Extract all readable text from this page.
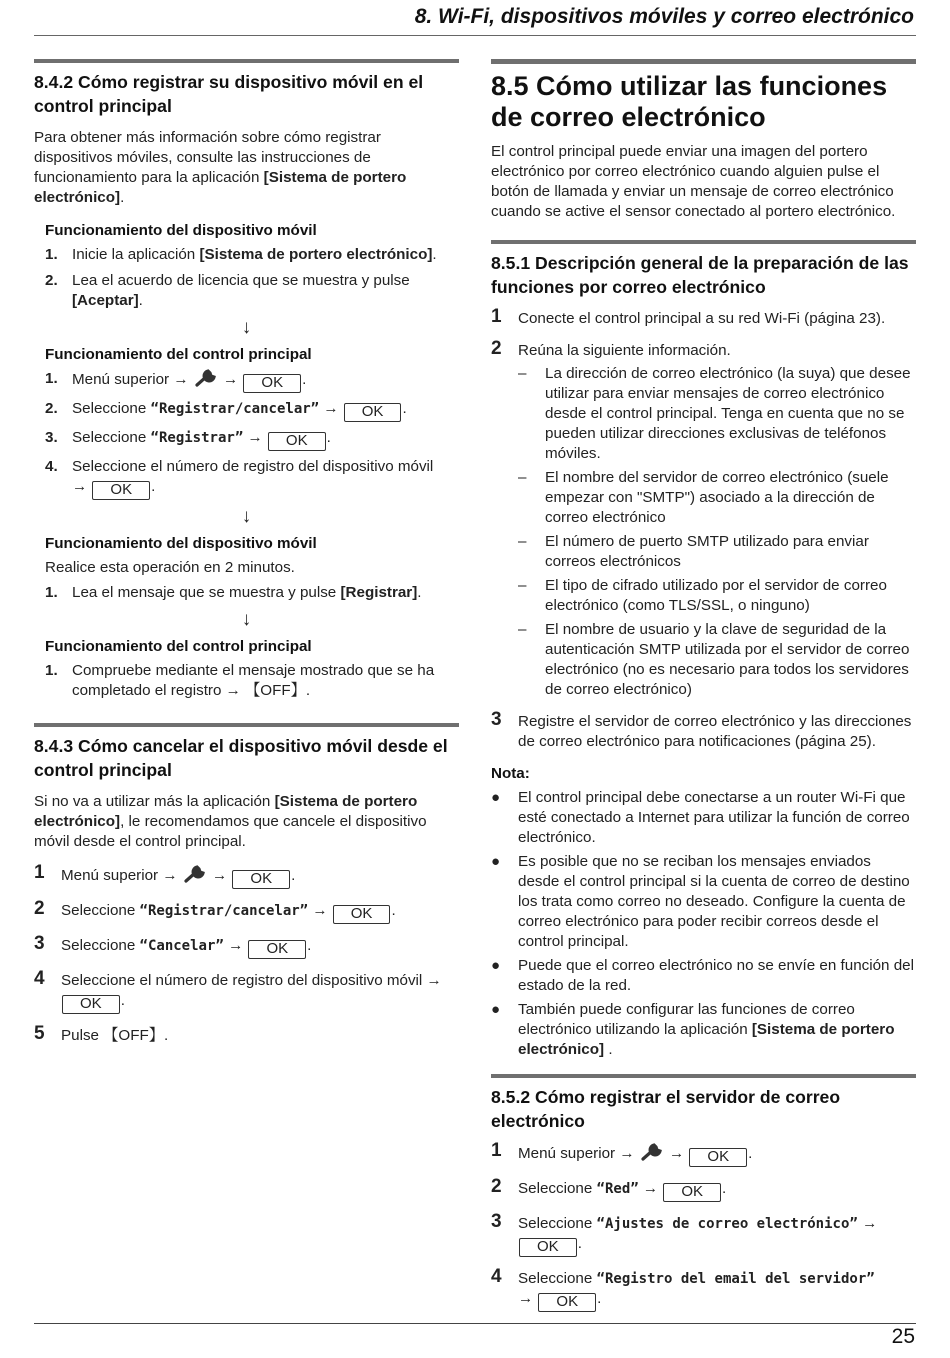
8. Wi-Fi, dispositivos móviles y correo electrónico
8.4.2 Cómo registrar su dispositivo móvil en el control principal

Para obtener más información sobre cómo registrar dispositivos móviles, consulte las instrucciones de funcionamiento para la aplicación [Sistema de portero electrónico].

Funcionamiento del dispositivo móvil
1. Inicie la aplicación [Sistema de portero electrónico].
2. Lea el acuerdo de licencia que se muestra y pulse [Aceptar].
↓
Funcionamiento del control principal
1. Menú superior → → OK .
2. Seleccione “Registrar/cancelar” → OK .
3. Seleccione “Registrar” → OK .
4. Seleccione el número de registro del dispositivo móvil
→ OK .
↓
Funcionamiento del dispositivo móvil
Realice esta operación en 2 minutos.
1. Lea el mensaje que se muestra y pulse [Registrar].
↓
Funcionamiento del control principal
1. Compruebe mediante el mensaje mostrado que se ha completado el registro → 【OFF】.
8.4.3 Cómo cancelar el dispositivo móvil desde el control principal

Si no va a utilizar más la aplicación [Sistema de portero electrónico], le recomendamos que cancele el dispositivo móvil desde el control principal.

1 Menú superior → → OK .
2 Seleccione “Registrar/cancelar” → OK .
3 Seleccione “Cancelar” → OK .
4 Seleccione el número de registro del dispositivo móvil →
OK .
5 Pulse 【OFF】.
8.5 Cómo utilizar las funciones de correo electrónico

El control principal puede enviar una imagen del portero electrónico por correo electrónico cuando alguien pulse el botón de llamada y enviar un mensaje de correo electrónico cuando se active el sensor conectado al portero electrónico.

8.5.1 Descripción general de la preparación de las funciones por correo electrónico
1 Conecte el control principal a su red Wi-Fi (página 23).
2 Reúna la siguiente información.
– La dirección de correo electrónico (la suya) que desee utilizar para enviar mensajes de correo electrónico desde el control principal. Tenga en cuenta que no se pueden utilizar direcciones exclusivas de teléfonos móviles.
– El nombre del servidor de correo electrónico (suele empezar con "SMTP") asociado a la dirección de correo electrónico
– El número de puerto SMTP utilizado para enviar correos electrónicos
– El tipo de cifrado utilizado por el servidor de correo electrónico (como TLS/SSL, o ninguno)
– El nombre de usuario y la clave de seguridad de la autenticación SMTP utilizada por el servidor de correo electrónico (no es necesario para todos los servidores de correo electrónico)
3 Registre el servidor de correo electrónico y las direcciones de correo electrónico para notificaciones (página 25).
Nota:
● El control principal debe conectarse a un router Wi-Fi que esté conectado a Internet para utilizar la función de correo electrónico.
● Es posible que no se reciban los mensajes enviados desde el control principal si la cuenta de correo de destino los trata como correo no deseado. Configure la cuenta de correo electrónico para poder recibir correos desde el control principal.
● Puede que el correo electrónico no se envíe en función del estado de la red.
● También puede configurar las funciones de correo electrónico utilizando la aplicación [Sistema de portero electrónico] .
8.5.2 Cómo registrar el servidor de correo electrónico
1 Menú superior → → OK .
2 Seleccione “Red” → OK .
3 Seleccione “Ajustes de correo electrónico” →
OK .
4 Seleccione “Registro del email del servidor”
→ OK .
25
